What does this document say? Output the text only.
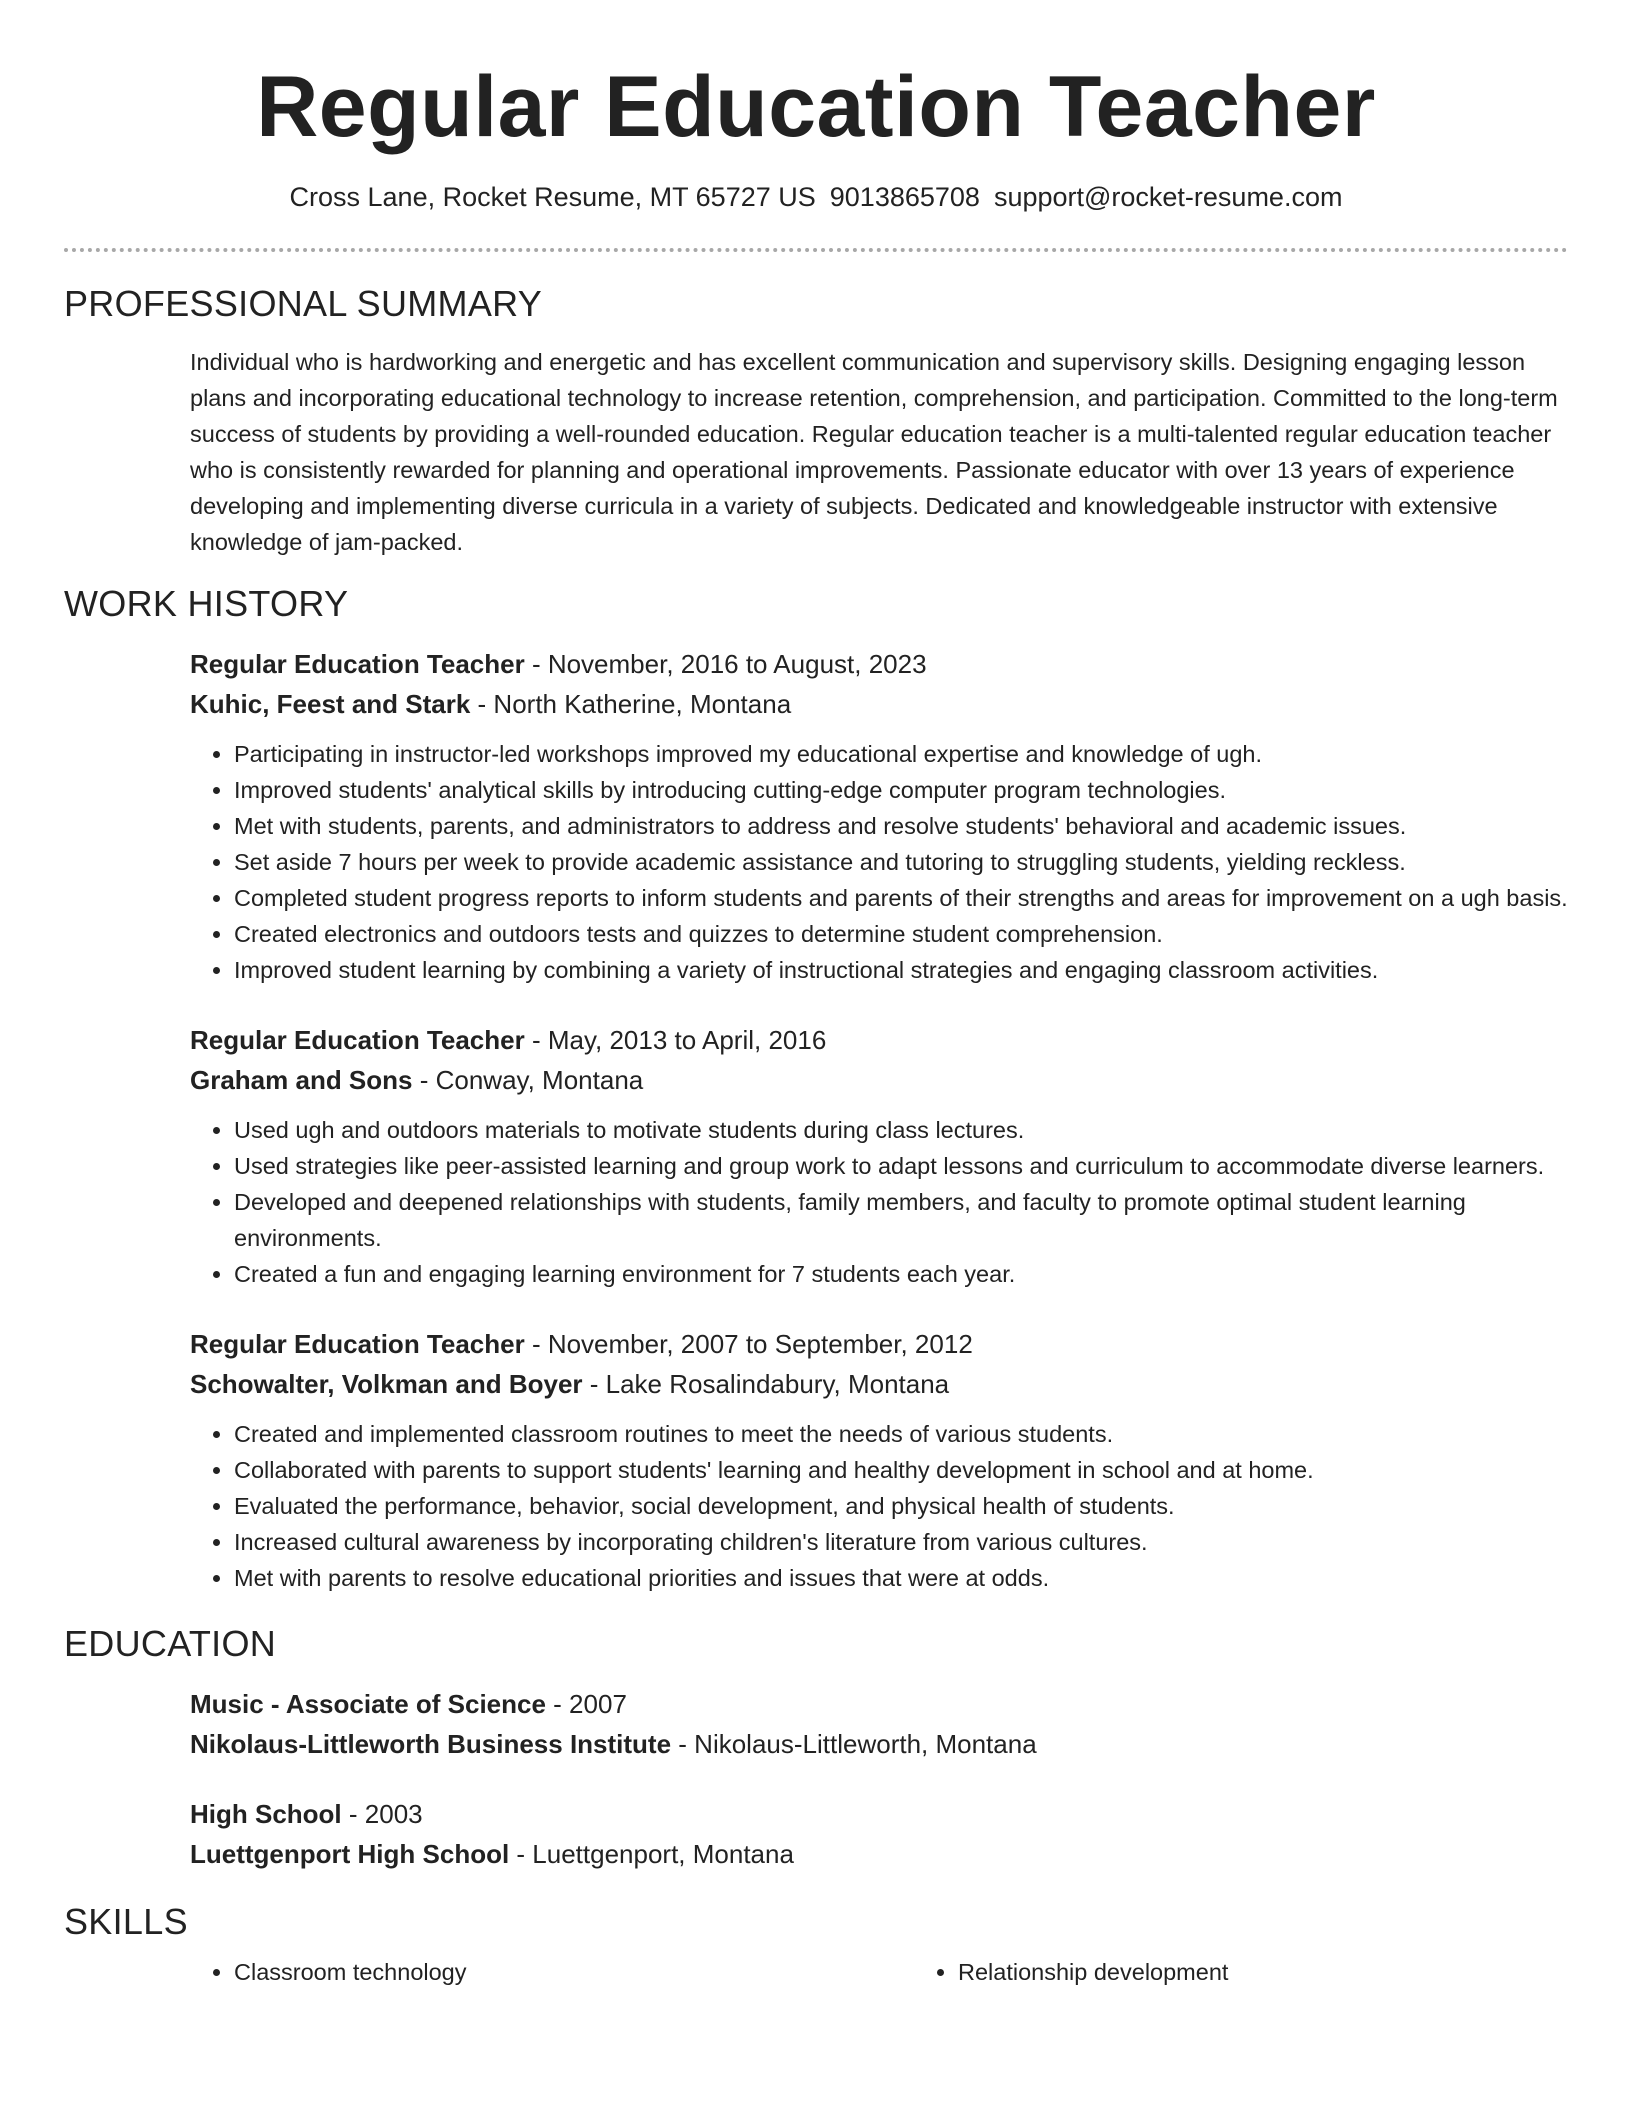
Regular Education Teacher
Cross Lane, Rocket Resume, MT 65727 US 9013865708 support@rocket-resume.com
PROFESSIONAL SUMMARY

Individual who is hardworking and energetic and has excellent communication and supervisory skills. Designing engaging lesson plans and incorporating educational technology to increase retention, comprehension, and participation. Committed to the long-term success of students by providing a well-rounded education. Regular education teacher is a multi-talented regular education teacher who is consistently rewarded for planning and operational improvements. Passionate educator with over 13 years of experience developing and implementing diverse curricula in a variety of subjects. Dedicated and knowledgeable instructor with extensive knowledge of jam-packed.

WORK HISTORY

Regular Education Teacher - November, 2016 to August, 2023

Kuhic, Feest and Stark - North Katherine, Montana

• Participating in instructor-led workshops improved my educational expertise and knowledge of ugh.
• Improved students' analytical skills by introducing cutting-edge computer program technologies.
• Met with students, parents, and administrators to address and resolve students' behavioral and academic issues.
• Set aside 7 hours per week to provide academic assistance and tutoring to struggling students, yielding reckless.
• Completed student progress reports to inform students and parents of their strengths and areas for improvement on a ugh basis.
• Created electronics and outdoors tests and quizzes to determine student comprehension.
• Improved student learning by combining a variety of instructional strategies and engaging classroom activities.

Regular Education Teacher - May, 2013 to April, 2016

Graham and Sons - Conway, Montana

• Used ugh and outdoors materials to motivate students during class lectures.
• Used strategies like peer-assisted learning and group work to adapt lessons and curriculum to accommodate diverse learners.
• Developed and deepened relationships with students, family members, and faculty to promote optimal student learning environments.
• Created a fun and engaging learning environment for 7 students each year.

Regular Education Teacher - November, 2007 to September, 2012

Schowalter, Volkman and Boyer - Lake Rosalindabury, Montana

• Created and implemented classroom routines to meet the needs of various students.
• Collaborated with parents to support students' learning and healthy development in school and at home.
• Evaluated the performance, behavior, social development, and physical health of students.
• Increased cultural awareness by incorporating children's literature from various cultures.
• Met with parents to resolve educational priorities and issues that were at odds.
EDUCATION

Music - Associate of Science - 2007

Nikolaus-Littleworth Business Institute - Nikolaus-Littleworth, Montana

High School - 2003

Luettgenport High School - Luettgenport, Montana

SKILLS
• Classroom technology
•	Relationship development
